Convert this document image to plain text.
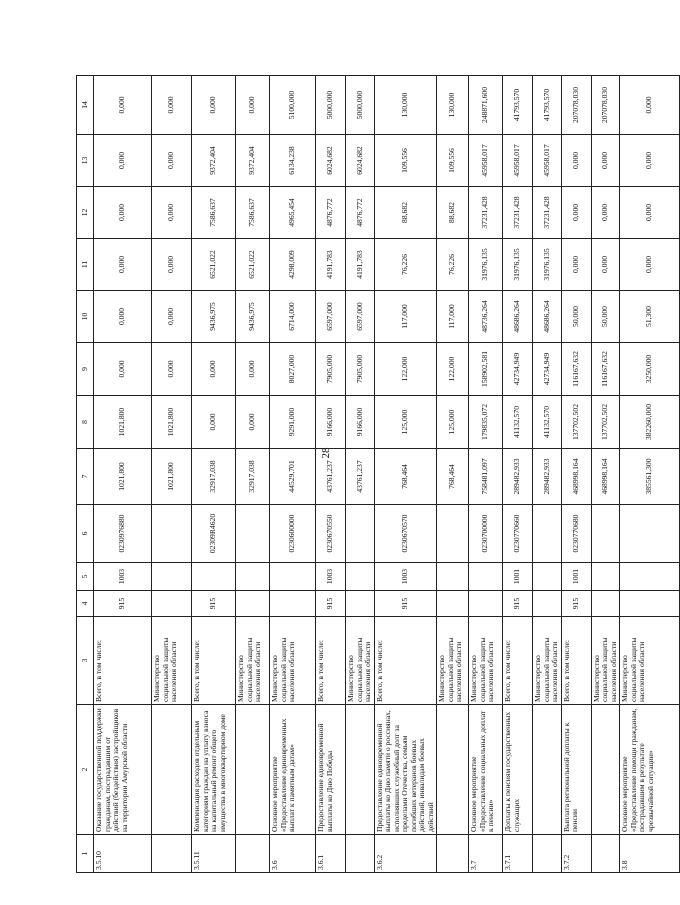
28
1	2	3	4	5	6	7	8	9	10	11	12	13	14
3.5.10	Оказание государственной поддержки гражданам, пострадавшим от действий (бездействия) застройщиков на территории Амурской области	Всего, в том числе:	915	1003	0230976880	1021,800	1021,800	0,000	0,000	0,000	0,000	0,000	0,000
		Министерство социальной защиты населения области				1021,800	1021,800	0,000	0,000	0,000	0,000	0,000	0,000
3.5.11	Компенсация расходов отдельным категориям граждан на уплату взноса на капитальный ремонт общего имущества в многоквартирном доме	Всего, в том числе:	915		02309R4620	32917,038	0,000	0,000	9436,975	6521,022	7586,637	9372,404	0,000
		Министерство социальной защиты населения области				32917,038	0,000	0,000	9436,975	6521,022	7586,637	9372,404	0,000
3.6	Основное мероприятие «Предоставление единовременных выплат к памятным датам»	Министерство социальной защиты населения области			0230600000	44529,701	9291,000	8027,000	6714,000	4298,009	4965,454	6134,238	5100,000
3.6.1	Предоставление единовременной выплаты ко Дню Победы	Всего, в том числе:	915	1003	0230670550	43761,237	9166,000	7905,000	6597,000	4191,783	4876,772	6024,682	5000,000
		Министерство социальной защиты населения области				43761,237	9166,000	7905,000	6597,000	4191,783	4876,772	6024,682	5000,000
3.6.2	Предоставление единовременной выплаты ко Дню памяти о россиянах, исполнявших служебный долг за пределами Отечества, семьям погибших ветеранов боевых действий, инвалидам боевых действий	Всего, в том числе:	915	1003	0230670570	768,464	125,000	122,000	117,000	76,226	88,682	109,556	130,000
		Министерство социальной защиты населения области				768,464	125,000	122,000	117,000	76,226	88,682	109,556	130,000
3.7	Основное мероприятие «Предоставление социальных доплат к пенсии»	Министерство социальной защиты населения области			0230700000	758481,097	179835,072	158902,581	48736,264	31976,135	37231,428	45958,017	248871,600
3.7.1	Доплаты к пенсиям государственных служащих	Всего, в том числе:	915	1001	0230770660	289482,933	41132,570	42734,949	48686,264	31976,135	37231,428	45958,017	41793,570
		Министерство социальной защиты населения области				289482,933	41132,570	42734,949	48686,264	31976,135	37231,428	45958,017	41793,570
3.7.2	Выплата региональной доплаты к пенсии	Всего, в том числе:	915	1001	0230770680	468998,164	137702,502	116167,632	50,000	0,000	0,000	0,000	207078,030
		Министерство социальной защиты населения области				468998,164	137702,502	116167,632	50,000	0,000	0,000	0,000	207078,030
3.8	Основное мероприятие «Предоставление помощи гражданам, пострадавшим в результате чрезвычайной ситуации»	Министерство социальной защиты населения области				385561,300	382260,000	3250,000	51,300	0,000	0,000	0,000	0,000
